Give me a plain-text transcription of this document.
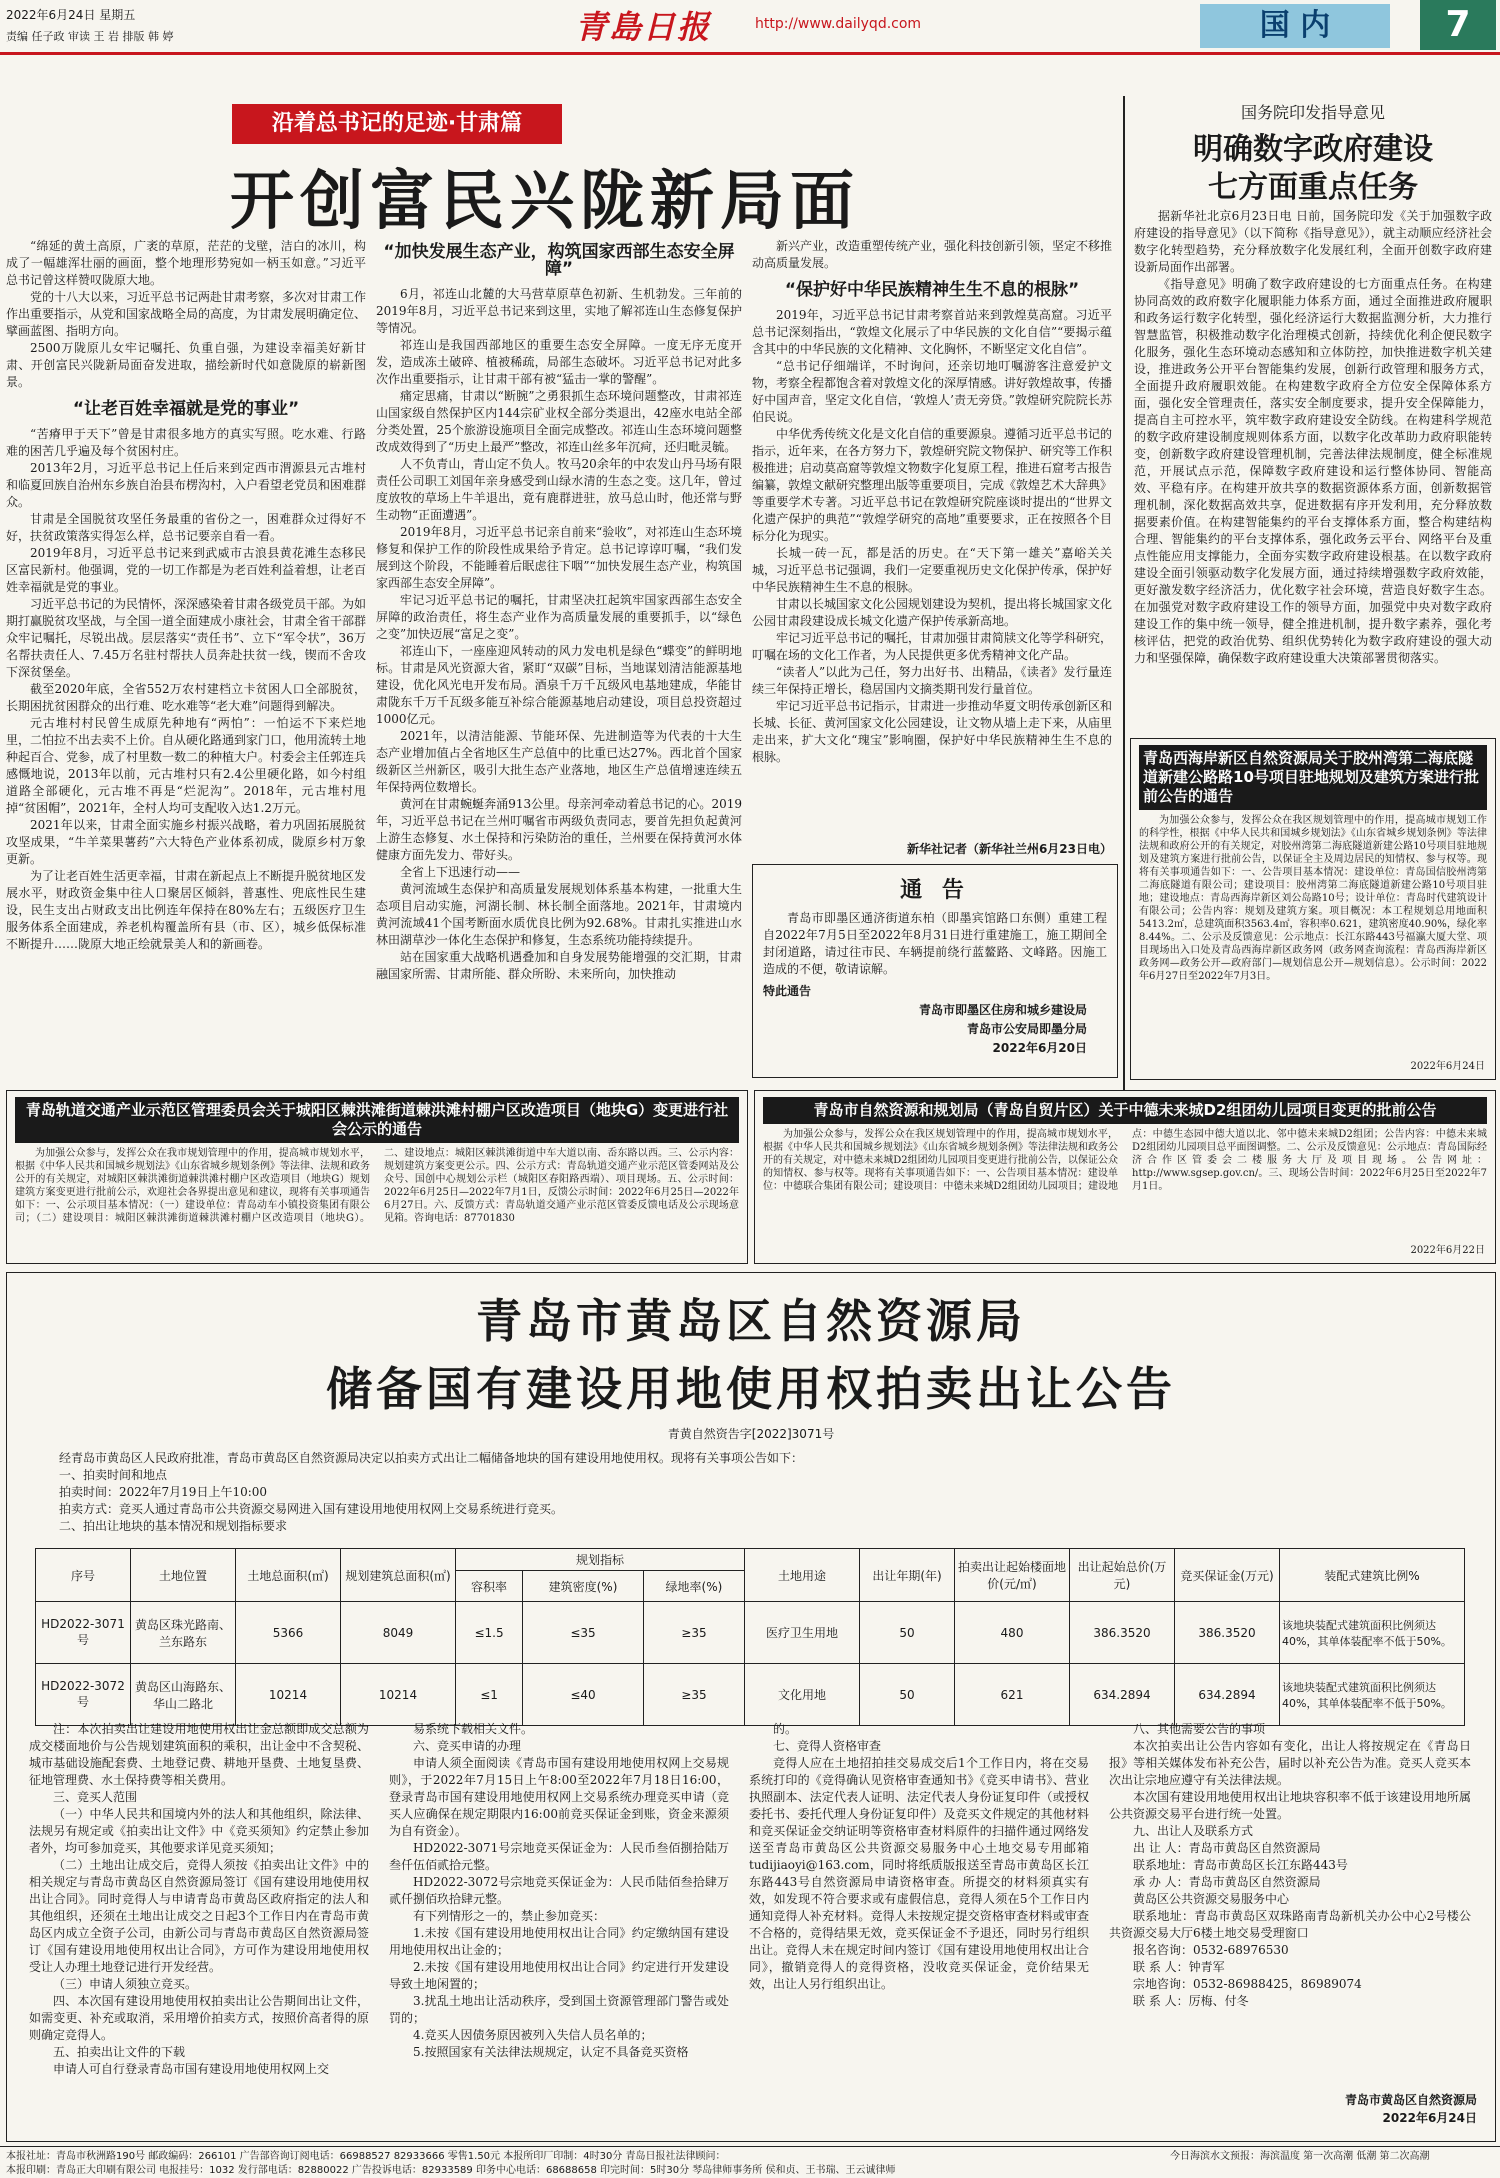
2022年6月24日 星期五
责编 任子政 审读 王 岩 排版 韩 婷	青島日报	http://www.dailyqd.com	国 内	7
沿着总书记的足迹·甘肃篇
开创富民兴陇新局面

“绵延的黄土高原，广袤的草原，茫茫的戈壁，洁白的冰川，构成了一幅雄浑壮丽的画面，整个地理形势宛如一柄玉如意。”习近平总书记曾这样赞叹陇原大地。

党的十八大以来，习近平总书记两赴甘肃考察，多次对甘肃工作作出重要指示，从党和国家战略全局的高度，为甘肃发展明确定位、擘画蓝图、指明方向。

2500万陇原儿女牢记嘱托、负重自强，为建设幸福美好新甘肃、开创富民兴陇新局面奋发进取，描绘新时代如意陇原的崭新图景。

“让老百姓幸福就是党的事业”

“苦瘠甲于天下”曾是甘肃很多地方的真实写照。吃水难、行路难的困苦几乎遍及每个贫困村庄。

2013年2月，习近平总书记上任后来到定西市渭源县元古堆村和临夏回族自治州东乡族自治县布楞沟村，入户看望老党员和困难群众。

甘肃是全国脱贫攻坚任务最重的省份之一，困难群众过得好不好，扶贫政策落实得怎么样，总书记要亲自看一看。

2019年8月，习近平总书记来到武威市古浪县黄花滩生态移民区富民新村。他强调，党的一切工作都是为老百姓利益着想，让老百姓幸福就是党的事业。

习近平总书记的为民情怀，深深感染着甘肃各级党员干部。为如期打赢脱贫攻坚战，与全国一道全面建成小康社会，甘肃全省干部群众牢记嘱托，尽锐出战。层层落实“责任书”、立下“军令状”，36万名帮扶责任人、7.45万名驻村帮扶人员奔赴扶贫一线，锲而不舍攻下深贫堡垒。

截至2020年底，全省552万农村建档立卡贫困人口全部脱贫，长期困扰贫困群众的出行难、吃水难等“老大难”问题得到解决。

元古堆村村民曾生成原先种地有“两怕”：一怕运不下来烂地里，二怕拉不出去卖不上价。自从硬化路通到家门口，他用流转土地种起百合、党参，成了村里数一数二的种植大户。村委会主任郭连兵感慨地说，2013年以前，元古堆村只有2.4公里硬化路，如今村组道路全部硬化，元古堆不再是“烂泥沟”。2018年，元古堆村甩掉“贫困帽”，2021年，全村人均可支配收入达1.2万元。

2021年以来，甘肃全面实施乡村振兴战略，着力巩固拓展脱贫攻坚成果，“牛羊菜果薯药”六大特色产业体系初成，陇原乡村万象更新。

为了让老百姓生活更幸福，甘肃在新起点上不断提升脱贫地区发展水平，财政资金集中往人口聚居区倾斜，普惠性、兜底性民生建设，民生支出占财政支出比例连年保持在80%左右；五级医疗卫生服务体系全面建成，养老机构覆盖所有县（市、区），城乡低保标准不断提升……陇原大地正绘就景美人和的新画卷。

“加快发展生态产业，构筑国家西部生态安全屏障”

6月，祁连山北麓的大马营草原草色初新、生机勃发。三年前的2019年8月，习近平总书记来到这里，实地了解祁连山生态修复保护等情况。

祁连山是我国西部地区的重要生态安全屏障。一度无序无度开发，造成冻土破碎、植被稀疏，局部生态破坏。习近平总书记对此多次作出重要指示，让甘肃干部有被“猛击一掌的警醒”。

痛定思痛，甘肃以“断腕”之勇狠抓生态环境问题整改，甘肃祁连山国家级自然保护区内144宗矿业权全部分类退出，42座水电站全部分类处置，25个旅游设施项目全面完成整改。祁连山生态环境问题整改成效得到了“历史上最严”整改，祁连山丝多年沉疴，还归毗灵毓。

人不负青山，青山定不负人。牧马20余年的中农发山丹马场有限责任公司职工刘国年亲身感受到山绿水清的生态之变。这几年，曾过度放牧的草场上牛羊退出，竟有鹿群进驻，放马总山时，他还常与野生动物“正面遭遇”。

2019年8月，习近平总书记亲自前来“验收”，对祁连山生态环境修复和保护工作的阶段性成果给予肯定。总书记谆谆叮嘱，“我们发展到这个阶段，不能睡着后眠虑往下咽”“加快发展生态产业，构筑国家西部生态安全屏障”。

牢记习近平总书记的嘱托，甘肃坚决扛起筑牢国家西部生态安全屏障的政治责任，将生态产业作为高质量发展的重要抓手，以“绿色之变”加快迈展“富足之变”。

祁连山下，一座座迎风转动的风力发电机是绿色“蝶变”的鲜明地标。甘肃是风光资源大省，紧盯“双碳”目标，当地谋划清洁能源基地建设，优化风光电开发布局。酒泉千万千瓦级风电基地建成，华能甘肃陇东千万千瓦级多能互补综合能源基地启动建设，项目总投资超过1000亿元。

2021年，以清洁能源、节能环保、先进制造等为代表的十大生态产业增加值占全省地区生产总值中的比重已达27%。西北首个国家级新区兰州新区，吸引大批生态产业落地，地区生产总值增速连续五年保持两位数增长。

黄河在甘肃蜿蜒奔涌913公里。母亲河牵动着总书记的心。2019年，习近平总书记在兰州叮嘱省市两级负责同志，要首先担负起黄河上游生态修复、水土保持和污染防治的重任，兰州要在保持黄河水体健康方面先发力、带好头。

全省上下迅速行动——

黄河流域生态保护和高质量发展规划体系基本构建，一批重大生态项目启动实施，河湖长制、林长制全面落地。2021年，甘肃境内黄河流域41个国考断面水质优良比例为92.68%。甘肃扎实推进山水林田湖草沙一体化生态保护和修复，生态系统功能持续提升。

站在国家重大战略机遇叠加和自身发展势能增强的交汇期，甘肃融国家所需、甘肃所能、群众所盼、未来所向，加快推动

新兴产业，改造重塑传统产业，强化科技创新引领，坚定不移推动高质量发展。

“保护好中华民族精神生生不息的根脉”

2019年，习近平总书记甘肃考察首站来到敦煌莫高窟。习近平总书记深刻指出，“敦煌文化展示了中华民族的文化自信”“要揭示蕴含其中的中华民族的文化精神、文化胸怀，不断坚定文化自信”。

“总书记仔细端详，不时询问，还亲切地叮嘱游客注意爱护文物，考察全程都饱含着对敦煌文化的深厚情感。讲好敦煌故事，传播好中国声音，坚定文化自信，‘敦煌人’责无旁贷。”敦煌研究院院长苏伯民说。

中华优秀传统文化是文化自信的重要源泉。遵循习近平总书记的指示，近年来，在各方努力下，敦煌研究院文物保护、研究等工作积极推进；启动莫高窟等敦煌文物数字化复原工程，推进石窟考古报告编纂，敦煌文献研究整理出版等重要项目，完成《敦煌艺术大辞典》等重要学术专著。习近平总书记在敦煌研究院座谈时提出的“世界文化遗产保护的典范”“敦煌学研究的高地”重要要求，正在按照各个目标分化为现实。

长城一砖一瓦，都是活的历史。在“天下第一雄关”嘉峪关关城，习近平总书记强调，我们一定要重视历史文化保护传承，保护好中华民族精神生生不息的根脉。

甘肃以长城国家文化公园规划建设为契机，提出将长城国家文化公园甘肃段建设成长城文化遗产保护传承新高地。

牢记习近平总书记的嘱托，甘肃加强甘肃简牍文化等学科研究，叮嘱在场的文化工作者，为人民提供更多优秀精神文化产品。

“读者人”以此为己任，努力出好书、出精品，《读者》发行量连续三年保持正增长，稳居国内文摘类期刊发行量首位。

牢记习近平总书记指示，甘肃进一步推动华夏文明传承创新区和长城、长征、黄河国家文化公园建设，让文物从墙上走下来，从庙里走出来，扩大文化“瑰宝”影响圈，保护好中华民族精神生生不息的根脉。

新华社记者（新华社兰州6月23日电）
国务院印发指导意见
明确数字政府建设
七方面重点任务

据新华社北京6月23日电 日前，国务院印发《关于加强数字政府建设的指导意见》（以下简称《指导意见》），就主动顺应经济社会数字化转型趋势，充分释放数字化发展红利，全面开创数字政府建设新局面作出部署。

《指导意见》明确了数字政府建设的七方面重点任务。在构建协同高效的政府数字化履职能力体系方面，通过全面推进政府履职和政务运行数字化转型，强化经济运行大数据监测分析，大力推行智慧监管，积极推动数字化治理模式创新，持续优化利企便民数字化服务，强化生态环境动态感知和立体防控，加快推进数字机关建设，推进政务公开平台智能集约发展，创新行政管理和服务方式，全面提升政府履职效能。在构建数字政府全方位安全保障体系方面，强化安全管理责任，落实安全制度要求，提升安全保障能力，提高自主可控水平，筑牢数字政府建设安全防线。在构建科学规范的数字政府建设制度规则体系方面，以数字化改革助力政府职能转变，创新数字政府建设管理机制，完善法律法规制度，健全标准规范，开展试点示范，保障数字政府建设和运行整体协同、智能高效、平稳有序。在构建开放共享的数据资源体系方面，创新数据管理机制，深化数据高效共享，促进数据有序开发利用，充分释放数据要素价值。在构建智能集约的平台支撑体系方面，整合构建结构合理、智能集约的平台支撑体系，强化政务云平台、网络平台及重点性能应用支撑能力，全面夯实数字政府建设根基。在以数字政府建设全面引领驱动数字化发展方面，通过持续增强数字政府效能，更好激发数字经济活力，优化数字社会环境，营造良好数字生态。在加强党对数字政府建设工作的领导方面，加强党中央对数字政府建设工作的集中统一领导，健全推进机制，提升数字素养，强化考核评估，把党的政治优势、组织优势转化为数字政府建设的强大动力和坚强保障，确保数字政府建设重大决策部署贯彻落实。

青岛西海岸新区自然资源局关于胶州湾第二海底隧道新建公路路10号项目驻地规划及建筑方案进行批前公告的通告
为加强公众参与，发挥公众在我区规划管理中的作用，提高城市规划工作的科学性，根据《中华人民共和国城乡规划法》《山东省城乡规划条例》等法律法规和政府公开的有关规定，对胶州湾第二海底隧道新建公路10号项目驻地规划及建筑方案进行批前公告，以保证全主及周边居民的知情权、参与权等。现将有关事项通告如下：一、公告项目基本情况：建设单位：青岛国信胶州湾第二海底隧道有限公司；建设项目：胶州湾第二海底隧道新建公路10号项目驻地；建设地点：青岛西海岸新区刘公岛路10号；设计单位：青岛时代建筑设计有限公司；公告内容：规划及建筑方案。项目概况：本工程规划总用地面积5413.2㎡，总建筑面积3563.4㎡，容积率0.621，建筑密度40.90%，绿化率8.44%。二、公示及反馈意见：公示地点：长江东路443号福瀛大厦大堂、项目现场出入口处及青岛西海岸新区政务网（政务网查询流程：青岛西海岸新区政务网—政务公开—政府部门—规划信息公开—规划信息）。公示时间：2022年6月27日至2022年7月3日。
2022年6月24日
通 告
青岛市即墨区通济街道东柏（即墨宾馆路口东侧）重建工程自2022年7月5日至2022年8月31日进行重建施工，施工期间全封闭道路，请过往市民、车辆提前绕行蓝鳌路、文峰路。因施工造成的不便，敬请谅解。
特此通告
青岛市即墨区住房和城乡建设局
青岛市公安局即墨分局
2022年6月20日
青岛轨道交通产业示范区管理委员会关于城阳区棘洪滩街道棘洪滩村棚户区改造项目（地块G）变更进行社会公示的通告
为加强公众参与，发挥公众在我市规划管理中的作用，提高城市规划水平，根据《中华人民共和国城乡规划法》《山东省城乡规划条例》等法律、法规和政务公开的有关规定，对城阳区棘洪滩街道棘洪滩村棚户区改造项目（地块G）规划建筑方案变更进行批前公示，欢迎社会各界提出意见和建议，现将有关事项通告如下：一、公示项目基本情况：（一）建设单位：青岛动车小镇投资集团有限公司；（二）建设项目：城阳区棘洪滩街道棘洪滩村棚户区改造项目（地块G）。二、建设地点：城阳区棘洪滩街道中车大道以南、岙东路以西。三、公示内容：规划建筑方案变更公示。四、公示方式：青岛轨道交通产业示范区管委网站及公众号、国创中心规划公示栏（城阳区春阳路西端）、项目现场。五、公示时间：2022年6月25日—2022年7月1日，反馈公示时间：2022年6月25日—2022年6月27日。六、反馈方式：青岛轨道交通产业示范区管委反馈电话及公示现场意见箱。咨询电话：87701830
青岛市自然资源和规划局（青岛自贸片区）关于中德未来城D2组团幼儿园项目变更的批前公告
为加强公众参与，发挥公众在我区规划管理中的作用，提高城市规划水平，根据《中华人民共和国城乡规划法》《山东省城乡规划条例》等法律法规和政务公开的有关规定，对中德未来城D2组团幼儿园项目变更进行批前公告，以保证公众的知情权、参与权等。现将有关事项通告如下：一、公告项目基本情况：建设单位：中德联合集团有限公司；建设项目：中德未来城D2组团幼儿园项目；建设地点：中德生态园中德大道以北、邻中德未来城D2组团；公告内容：中德未来城D2组团幼儿园项目总平面图调整。二、公示及反馈意见：公示地点：青岛国际经济合作区管委会二楼服务大厅及项目现场。公告网址：http://www.sgsep.gov.cn/。三、现场公告时间：2022年6月25日至2022年7月1日。
2022年6月22日
青岛市黄岛区自然资源局
储备国有建设用地使用权拍卖出让公告
青黄自然资告字[2022]3071号

经青岛市黄岛区人民政府批准，青岛市黄岛区自然资源局决定以拍卖方式出让二幅储备地块的国有建设用地使用权。现将有关事项公告如下：

一、拍卖时间和地点

拍卖时间：2022年7月19日上午10:00

拍卖方式：竞买人通过青岛市公共资源交易网进入国有建设用地使用权网上交易系统进行竞买。

二、拍出让地块的基本情况和规划指标要求

序号	土地位置	土地总面积(㎡)	规划建筑总面积(㎡)	规划指标			土地用途	出让年期(年)	拍卖出让起始楼面地价(元/㎡)	出让起始总价(万元)	竞买保证金(万元)	装配式建筑比例%
				容积率	建筑密度(%)	绿地率(%)						
HD2022-3071号	黄岛区珠光路南、兰东路东	5366	8049	≤1.5	≤35	≥35	医疗卫生用地	50	480	386.3520	386.3520	该地块装配式建筑面积比例须达40%，其单体装配率不低于50%。
HD2022-3072号	黄岛区山海路东、华山二路北	10214	10214	≤1	≤40	≥35	文化用地	50	621	634.2894	634.2894	该地块装配式建筑面积比例须达40%，其单体装配率不低于50%。

注：本次拍卖出让建设用地使用权出让金总额即成交总额为成交楼面地价与公告规划建筑面积的乘积，出让金中不含契税、城市基础设施配套费、土地登记费、耕地开垦费、土地复垦费、征地管理费、水土保持费等相关费用。

三、竞买人范围

（一）中华人民共和国境内外的法人和其他组织，除法律、法规另有规定或《拍卖出让文件》中《竞买须知》约定禁止参加者外，均可参加竞买，其他要求详见竞买须知；

（二）土地出让成交后，竞得人须按《拍卖出让文件》中的相关规定与青岛市黄岛区自然资源局签订《国有建设用地使用权出让合同》。同时竞得人与申请青岛市黄岛区政府指定的法人和其他组织，还须在土地出让成交之日起3个工作日内在青岛市黄岛区内成立全资子公司，由新公司与青岛市黄岛区自然资源局签订《国有建设用地使用权出让合同》，方可作为建设用地使用权受让人办理土地登记进行开发经营。

（三）申请人须独立竞买。

四、本次国有建设用地使用权拍卖出让公告期间出让文件，如需变更、补充或取消，采用增价拍卖方式，按照价高者得的原则确定竞得人。

五、拍卖出让文件的下载

申请人可自行登录青岛市国有建设用地使用权网上交

易系统下载相关文件。

六、竞买申请的办理

申请人须全面阅读《青岛市国有建设用地使用权网上交易规则》，于2022年7月15日上午8:00至2022年7月18日16:00，登录青岛市国有建设用地使用权网上交易系统办理竞买申请（竞买人应确保在规定期限内16:00前竞买保证金到账，资金来源须为自有资金）。

HD2022-3071号宗地竞买保证金为：人民币叁佰捌拾陆万叁仟伍佰贰拾元整。

HD2022-3072号宗地竞买保证金为：人民币陆佰叁拾肆万贰仟捌佰玖拾肆元整。

有下列情形之一的，禁止参加竞买：

1.未按《国有建设用地使用权出让合同》约定缴纳国有建设用地使用权出让金的；

2.未按《国有建设用地使用权出让合同》约定进行开发建设导致土地闲置的；

3.扰乱土地出让活动秩序，受到国土资源管理部门警告或处罚的；

4.竞买人因债务原因被列入失信人员名单的；

5.按照国家有关法律法规规定，认定不具备竞买资格

的。

七、竞得人资格审查

竞得人应在土地招拍挂交易成交后1个工作日内，将在交易系统打印的《竞得确认见资格审查通知书》《竞买申请书》、营业执照副本、法定代表人证明、法定代表人身份证复印件（或授权委托书、委托代理人身份证复印件）及竞买文件规定的其他材料和竞买保证金交纳证明等资格审查材料原件的扫描件通过网络发送至青岛市黄岛区公共资源交易服务中心土地交易专用邮箱tudijiaoyi@163.com，同时将纸质版报送至青岛市黄岛区长江东路443号自然资源局申请资格审查。所提交的材料须真实有效，如发现不符合要求或有虚假信息，竞得人须在5个工作日内通知竞得人补充材料。竞得人未按规定提交资格审查材料或审查不合格的，竞得结果无效，竞买保证金不予退还，同时另行组织出让。竞得人未在规定时间内签订《国有建设用地使用权出让合同》，撤销竞得人的竞得资格，没收竞买保证金，竞价结果无效，出让人另行组织出让。

八、其他需要公告的事项

本次拍卖出让公告内容如有变化，出让人将按规定在《青岛日报》等相关媒体发布补充公告，届时以补充公告为准。竞买人竞买本次出让宗地应遵守有关法律法规。

本次国有建设用地使用权出让地块容积率不低于该建设用地所属公共资源交易平台进行统一处置。

九、出让人及联系方式

出 让 人：青岛市黄岛区自然资源局

联系地址：青岛市黄岛区长江东路443号

承 办 人：青岛市黄岛区自然资源局

黄岛区公共资源交易服务中心

联系地址：青岛市黄岛区双珠路南青岛新机关办公中心2号楼公共资源交易大厅6楼土地交易受理窗口

报名咨询：0532-68976530

联 系 人：钟青军

宗地咨询：0532-86988425，86989074

联 系 人：厉梅、付冬

青岛市黄岛区自然资源局
2022年6月24日
本报社址：青岛市秋洲路190号 邮政编码：266101 广告部咨询订阅电话：66988527 82933666 零售1.50元 本报所印厂印制：4时30分 青岛日报社法律顾问：
本报印刷：青岛正大印刷有限公司 电报挂号：1032 发行部电话：82880022 广告投诉电话：82933589 印务中心电话：68688658 印完时间：5时30分 琴岛律师事务所 侯和贞、王书瑞、王云诚律师
今日海滨水文预报：海滨温度 第一次高潮 低潮 第二次高潮
